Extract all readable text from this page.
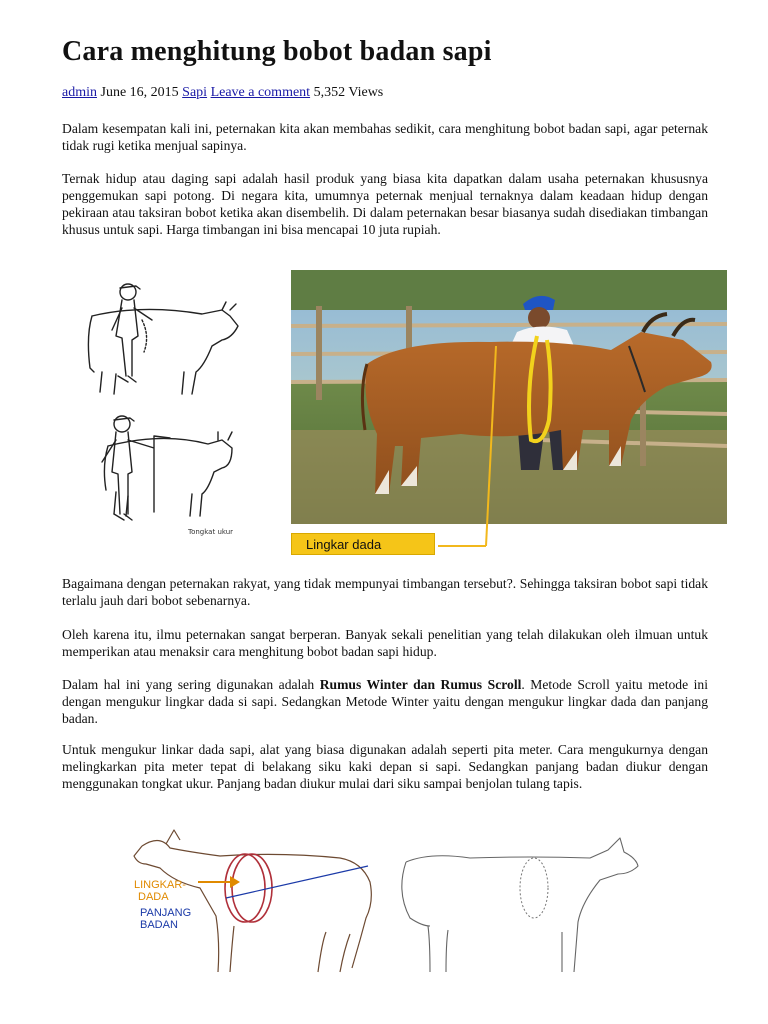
Cara menghitung bobot badan sapi
admin June 16, 2015 Sapi Leave a comment 5,352 Views

Dalam kesempatan kali ini, peternakan kita akan membahas sedikit, cara menghitung bobot badan sapi, agar peternak tidak rugi ketika menjual sapinya.

Ternak hidup atau daging sapi adalah hasil produk yang biasa kita dapatkan dalam usaha peternakan khususnya penggemukan sapi potong. Di negara kita, umumnya peternak menjual ternaknya dalam keadaan hidup dengan pekiraan atau taksiran bobot ketika akan disembelih. Di dalam peternakan besar biasanya sudah disediakan timbangan khusus untuk sapi. Harga timbangan ini bisa mencapai 10 juta rupiah.

Tongkat ukur
Lingkar dada

Bagaimana dengan peternakan rakyat, yang tidak mempunyai timbangan tersebut?. Sehingga taksiran bobot sapi tidak terlalu jauh dari bobot sebenarnya.

Oleh karena itu, ilmu peternakan sangat berperan. Banyak sekali penelitian yang telah dilakukan oleh ilmuan untuk memperikan atau menaksir cara menghitung bobot badan sapi hidup.

Dalam hal ini yang sering digunakan adalah Rumus Winter dan Rumus Scroll. Metode Scroll yaitu metode ini dengan mengukur lingkar dada si sapi. Sedangkan Metode Winter yaitu dengan mengukur lingkar dada dan panjang badan.

Untuk mengukur linkar dada sapi, alat yang biasa digunakan adalah seperti pita meter. Cara mengukurnya dengan melingkarkan pita meter tepat di belakang siku kaki depan si sapi. Sedangkan panjang badan diukur dengan menggunakan tongkat ukur. Panjang badan diukur mulai dari siku sampai benjolan tulang tapis.

LINGKAR-
DADA
PANJANG
BADAN
